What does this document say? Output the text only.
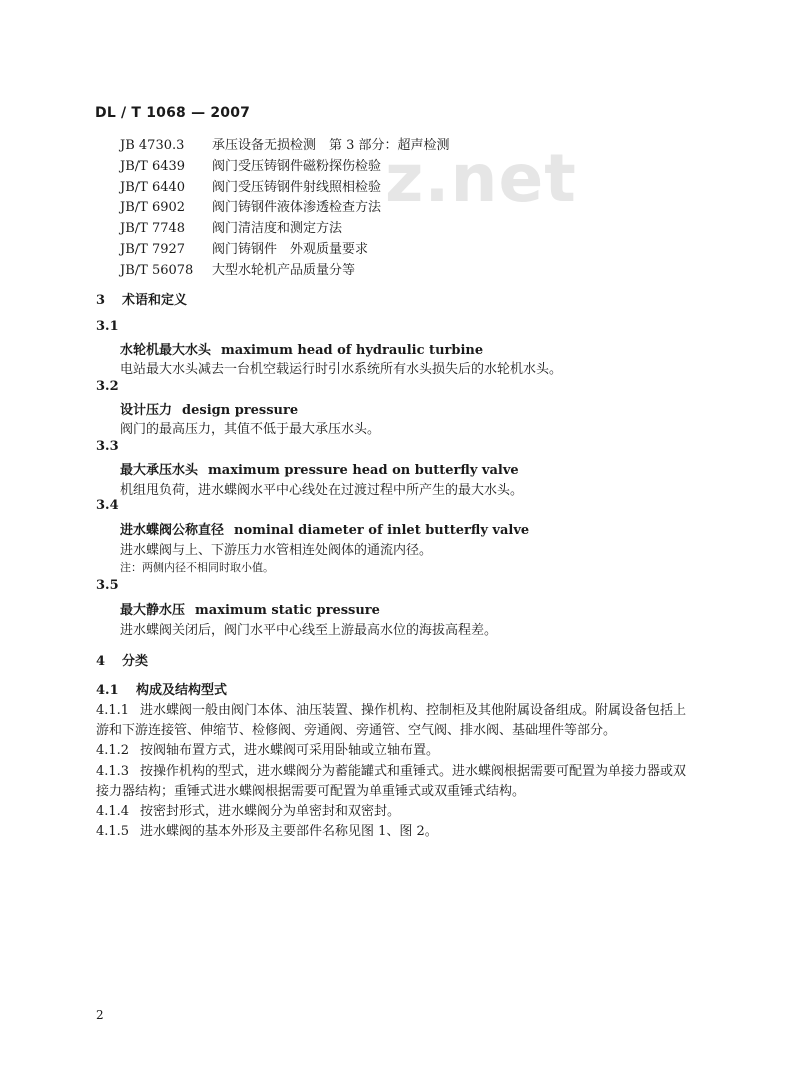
z.net
DL / T 1068 — 2007
JB 4730.3 承压设备无损检测　第 3 部分：超声检测
JB/T 6439 阀门受压铸钢件磁粉探伤检验
JB/T 6440 阀门受压铸钢件射线照相检验
JB/T 6902 阀门铸钢件液体渗透检查方法
JB/T 7748 阀门清洁度和测定方法
JB/T 7927 阀门铸钢件　外观质量要求
JB/T 56078 大型水轮机产品质量分等
3 术语和定义
3.1
水轮机最大水头 maximum head of hydraulic turbine
电站最大水头减去一台机空载运行时引水系统所有水头损失后的水轮机水头。
3.2
设计压力 design pressure
阀门的最高压力，其值不低于最大承压水头。
3.3
最大承压水头 maximum pressure head on butterfly valve
机组甩负荷，进水蝶阀水平中心线处在过渡过程中所产生的最大水头。
3.4
进水蝶阀公称直径 nominal diameter of inlet butterfly valve
进水蝶阀与上、下游压力水管相连处阀体的通流内径。
注：两侧内径不相同时取小值。
3.5
最大静水压 maximum static pressure
进水蝶阀关闭后，阀门水平中心线至上游最高水位的海拔高程差。
4 分类
4.1 构成及结构型式
4.1.1 进水蝶阀一般由阀门本体、油压装置、操作机构、控制柜及其他附属设备组成。附属设备包括上
游和下游连接管、伸缩节、检修阀、旁通阀、旁通管、空气阀、排水阀、基础埋件等部分。
4.1.2 按阀轴布置方式，进水蝶阀可采用卧轴或立轴布置。
4.1.3 按操作机构的型式，进水蝶阀分为蓄能罐式和重锤式。进水蝶阀根据需要可配置为单接力器或双
接力器结构；重锤式进水蝶阀根据需要可配置为单重锤式或双重锤式结构。
4.1.4 按密封形式，进水蝶阀分为单密封和双密封。
4.1.5 进水蝶阀的基本外形及主要部件名称见图 1、图 2。
2
